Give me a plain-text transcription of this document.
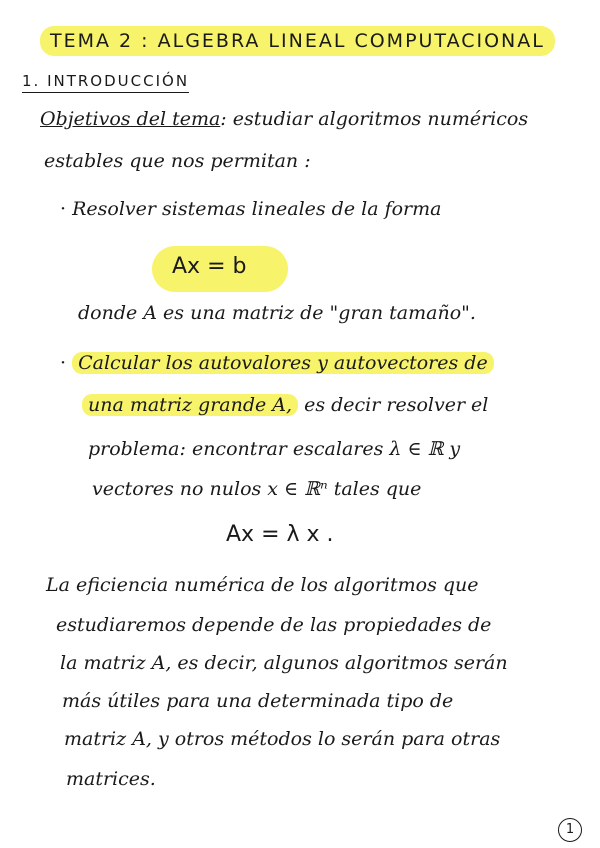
TEMA 2 : ALGEBRA LINEAL COMPUTACIONAL
1. INTRODUCCIÓN
Objetivos del tema: estudiar algoritmos numéricos
estables que nos permitan :
· Resolver sistemas lineales de la forma
Ax = b
donde A es una matriz de "gran tamaño".
· Calcular los autovalores y autovectores de
una matriz grande A, es decir resolver el
problema: encontrar escalares λ ∈ ℝ y
vectores no nulos x ∈ ℝⁿ tales que
Ax = λ x .
La eficiencia numérica de los algoritmos que
estudiaremos depende de las propiedades de
la matriz A, es decir, algunos algoritmos serán
más útiles para una determinada tipo de
matriz A, y otros métodos lo serán para otras
matrices.
1
